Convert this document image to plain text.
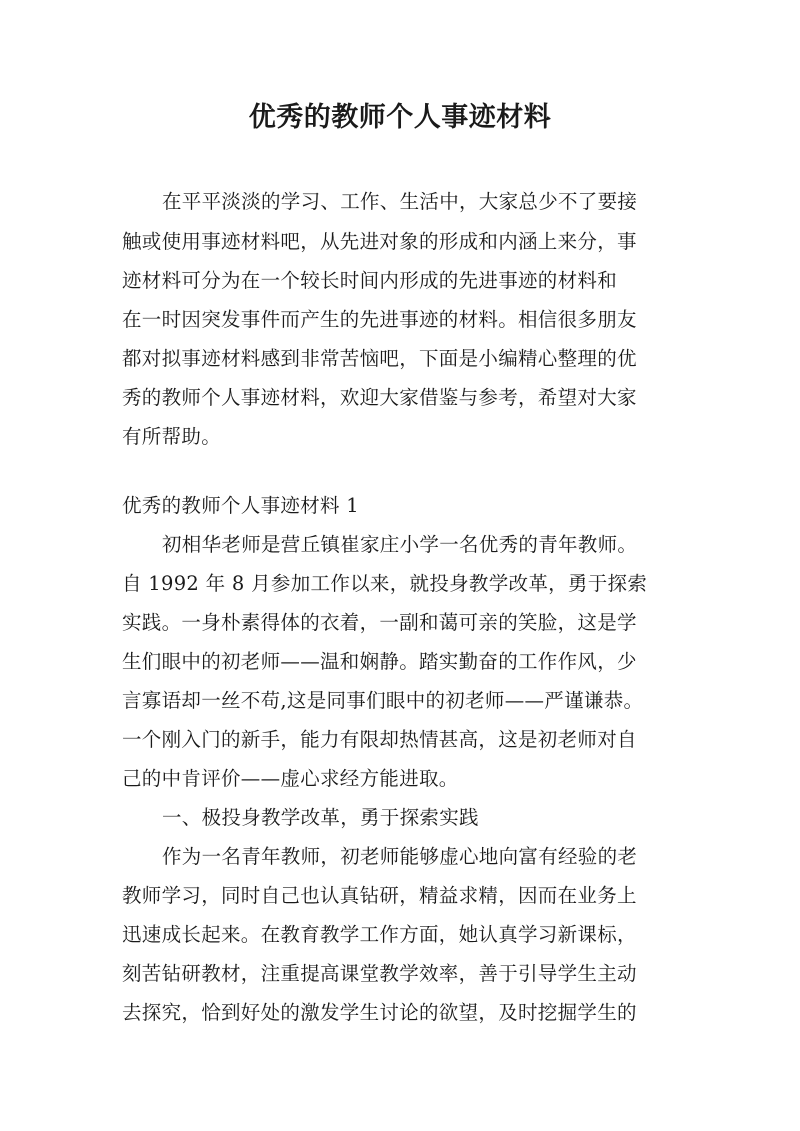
优秀的教师个人事迹材料
在平平淡淡的学习、工作、生活中，大家总少不了要接
触或使用事迹材料吧，从先进对象的形成和内涵上来分，事
迹材料可分为在一个较长时间内形成的先进事迹的材料和
在一时因突发事件而产生的先进事迹的材料。相信很多朋友
都对拟事迹材料感到非常苦恼吧，下面是小编精心整理的优
秀的教师个人事迹材料，欢迎大家借鉴与参考，希望对大家
有所帮助。
优秀的教师个人事迹材料 1
初相华老师是营丘镇崔家庄小学一名优秀的青年教师。
自 1992 年 8 月参加工作以来，就投身教学改革，勇于探索
实践。一身朴素得体的衣着，一副和蔼可亲的笑脸，这是学
生们眼中的初老师——温和娴静。踏实勤奋的工作作风，少
言寡语却一丝不苟,这是同事们眼中的初老师——严谨谦恭。
一个刚入门的新手，能力有限却热情甚高，这是初老师对自
己的中肯评价——虚心求经方能进取。
一、极投身教学改革，勇于探索实践
作为一名青年教师，初老师能够虚心地向富有经验的老
教师学习，同时自己也认真钻研，精益求精，因而在业务上
迅速成长起来。在教育教学工作方面，她认真学习新课标，
刻苦钻研教材，注重提高课堂教学效率，善于引导学生主动
去探究，恰到好处的激发学生讨论的欲望，及时挖掘学生的
